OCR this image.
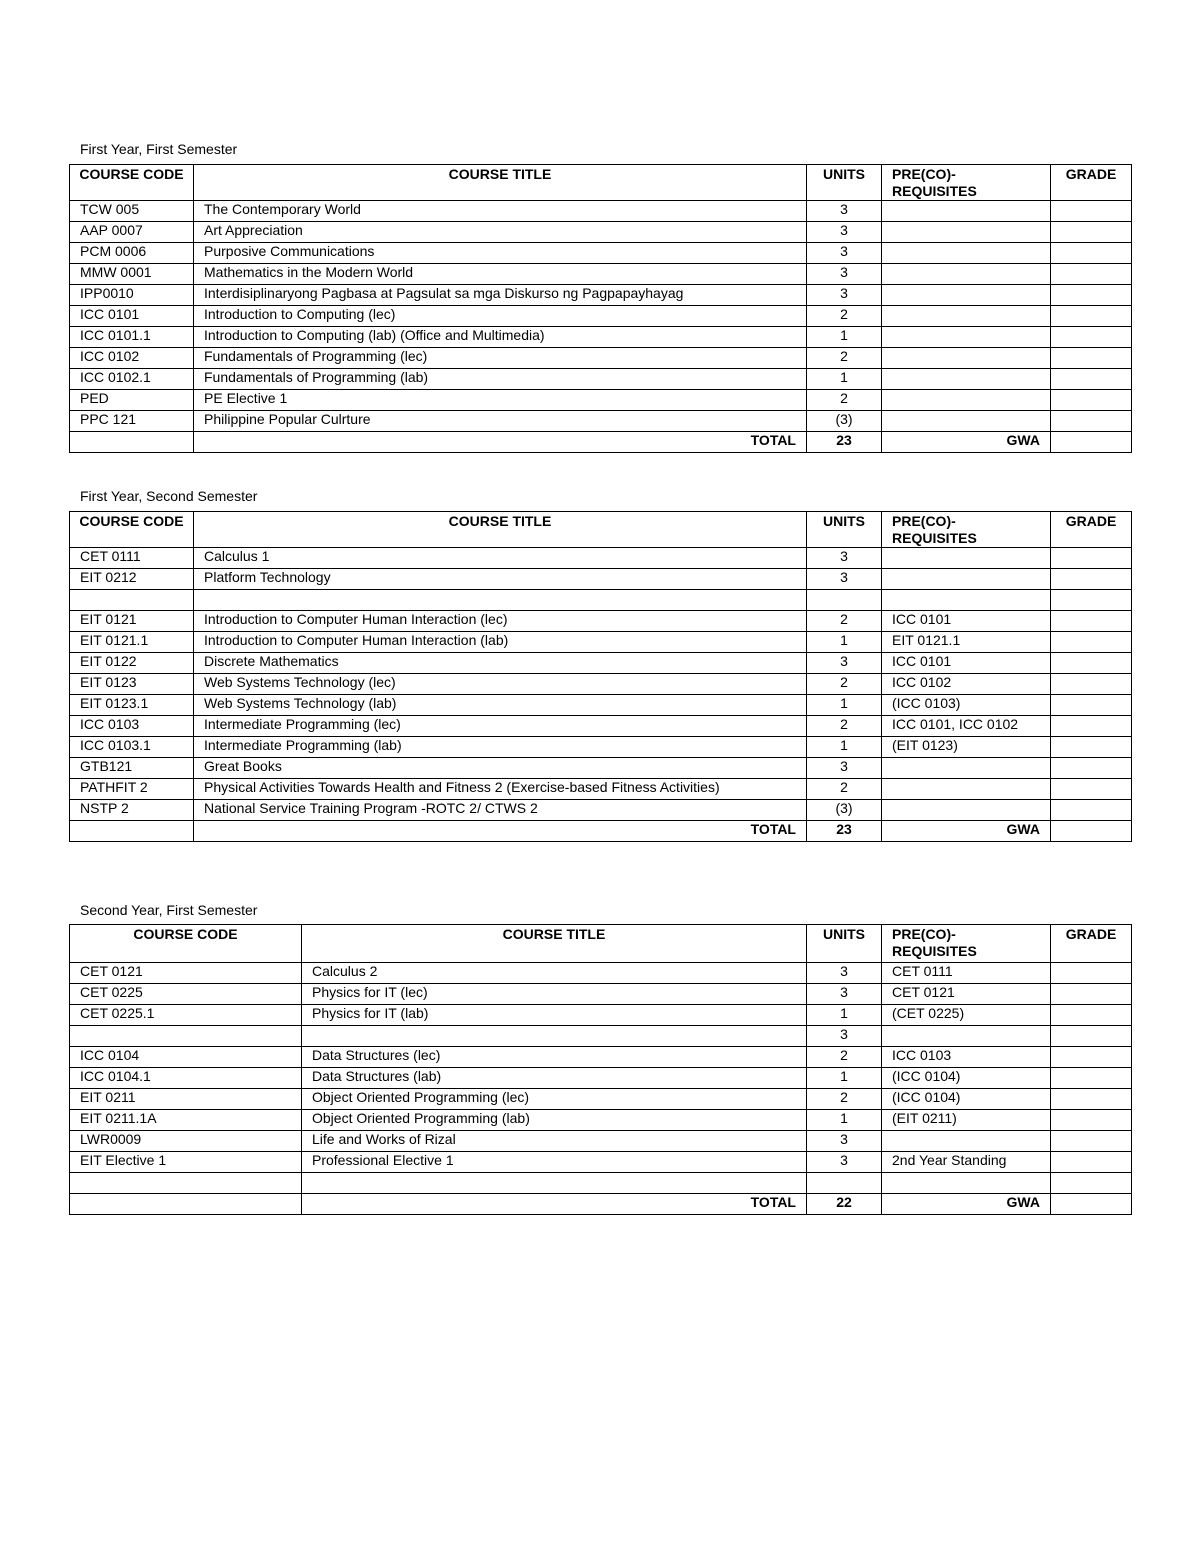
First Year, First Semester
COURSE CODE	COURSE TITLE	UNITS	PRE(CO)- REQUISITES	GRADE
TCW 005	The Contemporary World	3		
AAP 0007	Art Appreciation	3		
PCM 0006	Purposive Communications	3		
MMW 0001	Mathematics in the Modern World	3		
IPP0010	Interdisiplinaryong Pagbasa at Pagsulat sa mga Diskurso ng Pagpapayhayag	3		
ICC 0101	Introduction to Computing (lec)	2		
ICC 0101.1	Introduction to Computing (lab) (Office and Multimedia)	1		
ICC 0102	Fundamentals of Programming (lec)	2		
ICC 0102.1	Fundamentals of Programming (lab)	1		
PED	PE Elective 1	2		
PPC 121	Philippine Popular Culrture	(3)		
	TOTAL	23	GWA	
First Year, Second Semester
COURSE CODE	COURSE TITLE	UNITS	PRE(CO)- REQUISITES	GRADE
CET 0111	Calculus 1	3		
EIT 0212	Platform Technology	3		

EIT 0121	Introduction to Computer Human Interaction (lec)	2	ICC 0101	
EIT 0121.1	Introduction to Computer Human Interaction (lab)	1	EIT 0121.1	
EIT 0122	Discrete Mathematics	3	ICC 0101	
EIT 0123	Web Systems Technology (lec)	2	ICC 0102	
EIT 0123.1	Web Systems Technology (lab)	1	(ICC 0103)	
ICC 0103	Intermediate Programming (lec)	2	ICC 0101, ICC 0102	
ICC 0103.1	Intermediate Programming (lab)	1	(EIT 0123)	
GTB121	Great Books	3		
PATHFIT 2	Physical Activities Towards Health and Fitness 2 (Exercise-based Fitness Activities)	2		
NSTP 2	National Service Training Program -ROTC 2/ CTWS 2	(3)		
	TOTAL	23	GWA	
Second Year, First Semester
COURSE CODE	COURSE TITLE	UNITS	PRE(CO)- REQUISITES	GRADE
CET 0121	Calculus 2	3	CET 0111	
CET 0225	Physics for IT (lec)	3	CET 0121	
CET 0225.1	Physics for IT (lab)	1	(CET 0225)	
		3		
ICC 0104	Data Structures (lec)	2	ICC 0103	
ICC 0104.1	Data Structures (lab)	1	(ICC 0104)	
EIT 0211	Object Oriented Programming (lec)	2	(ICC 0104)	
EIT 0211.1A	Object Oriented Programming (lab)	1	(EIT 0211)	
LWR0009	Life and Works of Rizal	3		
EIT Elective 1	Professional Elective 1	3	2nd Year Standing	

	TOTAL	22	GWA	
